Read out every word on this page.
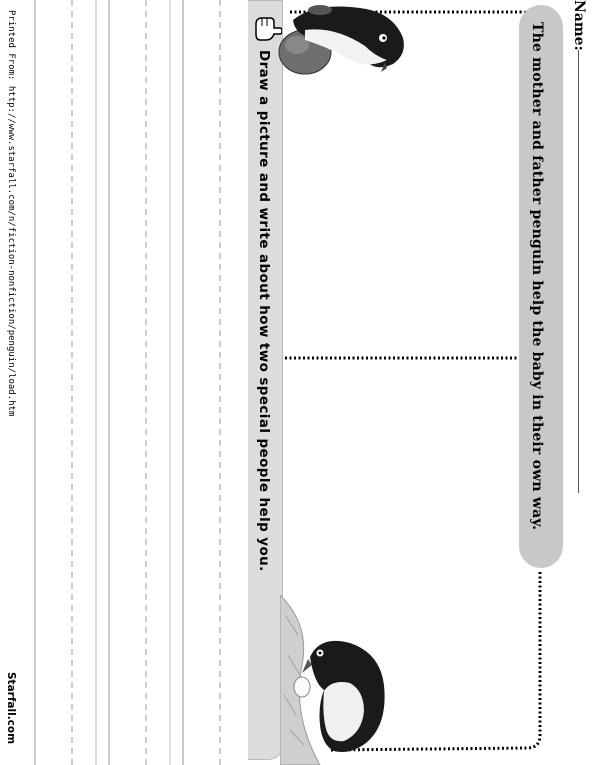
Name:
The mother and father penguin help the baby in their own way.
Draw a picture and write about how two special people help you.
Printed From: http://www.starfall.com/n/fiction-nonfiction/penguin/load.htm
Starfall.com
